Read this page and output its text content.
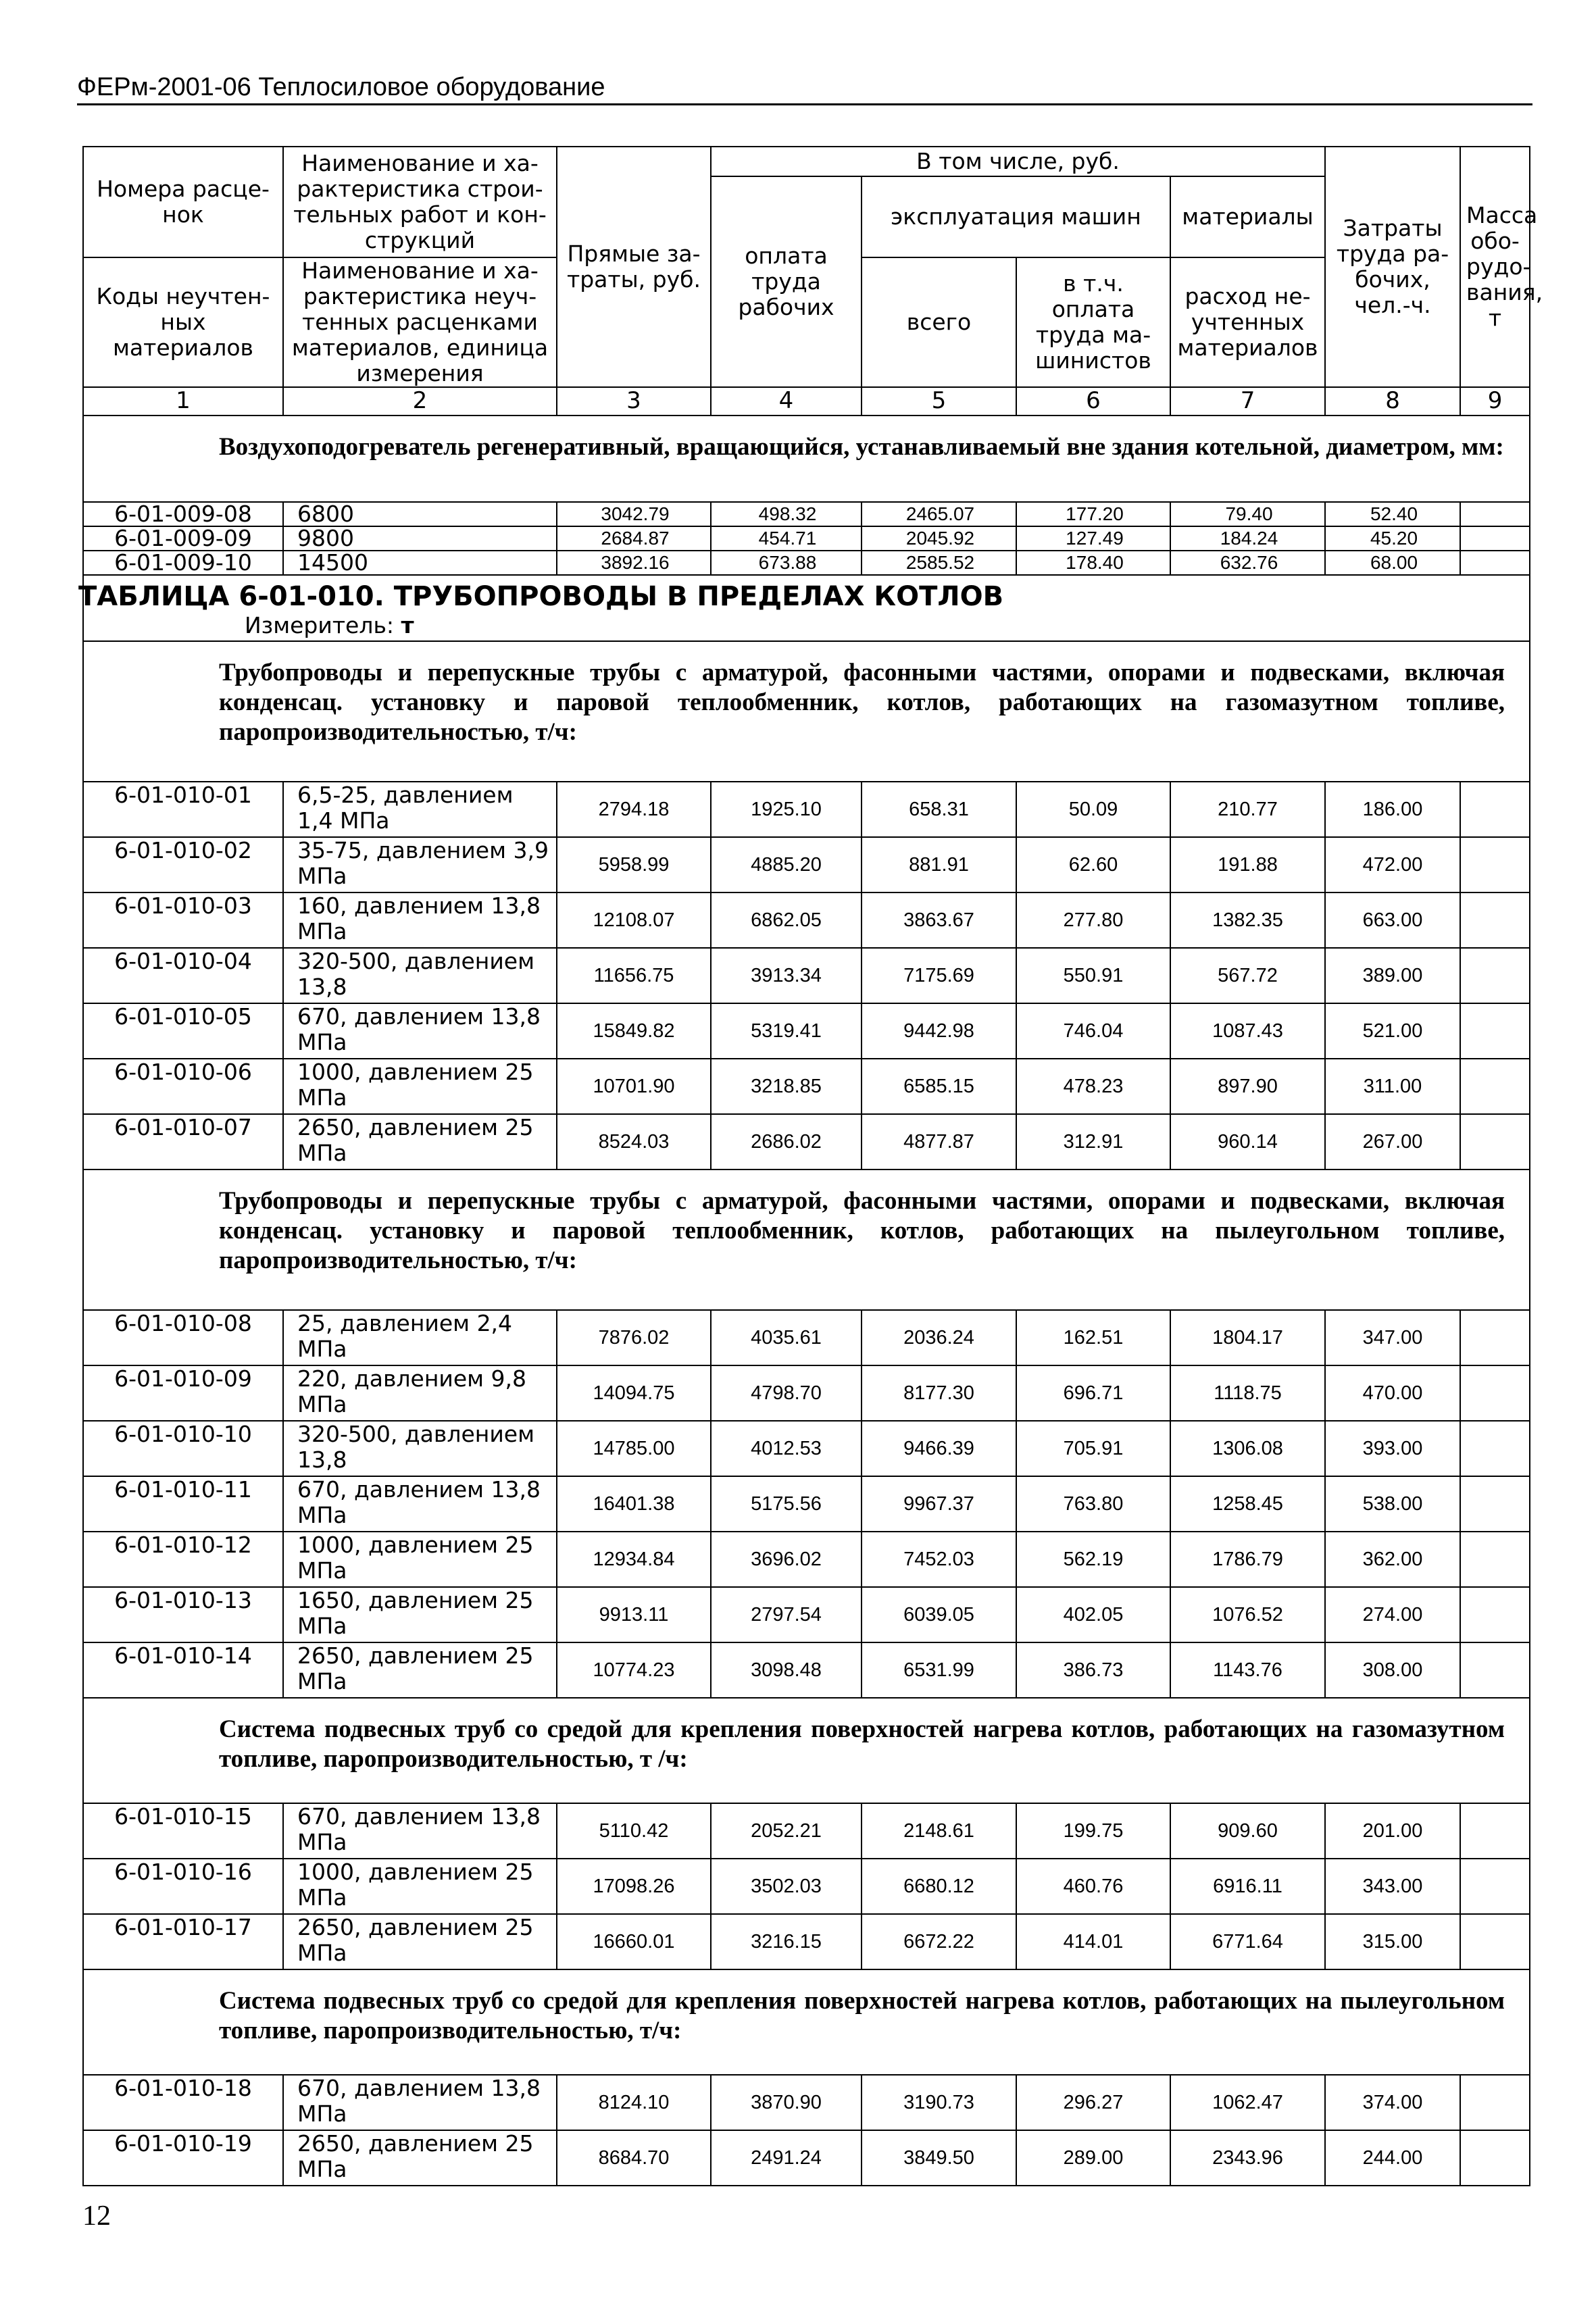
ФЕРм-2001-06 Теплосиловое оборудование
Номера расце-нок	Наименование и ха-рактеристика строи-тельных работ и кон-струкций	Прямые за-траты, руб.	В том числе, руб.				Затраты труда ра-бочих, чел.-ч.	Масса обо-рудо-вания, т
			оплата труда рабочих	эксплуатация машин		материалы		
Коды неучтен-ных материалов	Наименование и ха-рактеристика неуч-тенных расценками материалов, единица измерения			всего	в т.ч. оплата труда ма-шинистов	расход не-учтенных материалов		

1	2	3	4	5	6	7	8	9
Воздухоподогреватель регенеративный, вращающийся, устанавливаемый вне здания котельной, диаметром, мм:								
6-01-009-08	6800	3042.79	498.32	2465.07	177.20	79.40	52.40	
6-01-009-09	9800	2684.87	454.71	2045.92	127.49	184.24	45.20	
6-01-009-10	14500	3892.16	673.88	2585.52	178.40	632.76	68.00	

ТАБЛИЦА 6-01-010. ТРУБОПРОВОДЫ В ПРЕДЕЛАХ КОТЛОВ
Измеритель: т								

Трубопроводы и перепускные трубы с арматурой, фасонными частями, опорами и подвесками, включая конденсац. установку и паровой теплообменник, котлов, работающих на газомазутном топливе, паропроизводительностью, т/ч:								
6-01-010-01	6,5-25, давлением 1,4 МПа	2794.18	1925.10	658.31	50.09	210.77	186.00	
6-01-010-02	35-75, давлением 3,9 МПа	5958.99	4885.20	881.91	62.60	191.88	472.00	
6-01-010-03	160, давлением 13,8 МПа	12108.07	6862.05	3863.67	277.80	1382.35	663.00	
6-01-010-04	320-500, давлением 13,8	11656.75	3913.34	7175.69	550.91	567.72	389.00	
6-01-010-05	670, давлением 13,8 МПа	15849.82	5319.41	9442.98	746.04	1087.43	521.00	
6-01-010-06	1000, давлением 25 МПа	10701.90	3218.85	6585.15	478.23	897.90	311.00	
6-01-010-07	2650, давлением 25 МПа	8524.03	2686.02	4877.87	312.91	960.14	267.00	
Трубопроводы и перепускные трубы с арматурой, фасонными частями, опорами и подвесками, включая конденсац. установку и паровой теплообменник, котлов, работающих на пылеугольном топливе, паропроизводительностью, т/ч:								
6-01-010-08	25, давлением 2,4 МПа	7876.02	4035.61	2036.24	162.51	1804.17	347.00	
6-01-010-09	220, давлением 9,8 МПа	14094.75	4798.70	8177.30	696.71	1118.75	470.00	
6-01-010-10	320-500, давлением 13,8	14785.00	4012.53	9466.39	705.91	1306.08	393.00	
6-01-010-11	670, давлением 13,8 МПа	16401.38	5175.56	9967.37	763.80	1258.45	538.00	
6-01-010-12	1000, давлением 25 МПа	12934.84	3696.02	7452.03	562.19	1786.79	362.00	
6-01-010-13	1650, давлением 25 МПа	9913.11	2797.54	6039.05	402.05	1076.52	274.00	
6-01-010-14	2650, давлением 25 МПа	10774.23	3098.48	6531.99	386.73	1143.76	308.00	
Система подвесных труб со средой для крепления поверхностей нагрева котлов, работающих на газомазутном топливе, паропроизводительностью, т /ч:								
6-01-010-15	670, давлением 13,8 МПа	5110.42	2052.21	2148.61	199.75	909.60	201.00	
6-01-010-16	1000, давлением 25 МПа	17098.26	3502.03	6680.12	460.76	6916.11	343.00	
6-01-010-17	2650, давлением 25 МПа	16660.01	3216.15	6672.22	414.01	6771.64	315.00	
Система подвесных труб со средой для крепления поверхностей нагрева котлов, работающих на пылеугольном топливе, паропроизводительностью, т/ч:								
6-01-010-18	670, давлением 13,8 МПа	8124.10	3870.90	3190.73	296.27	1062.47	374.00	
6-01-010-19	2650, давлением 25 МПа	8684.70	2491.24	3849.50	289.00	2343.96	244.00	
12
